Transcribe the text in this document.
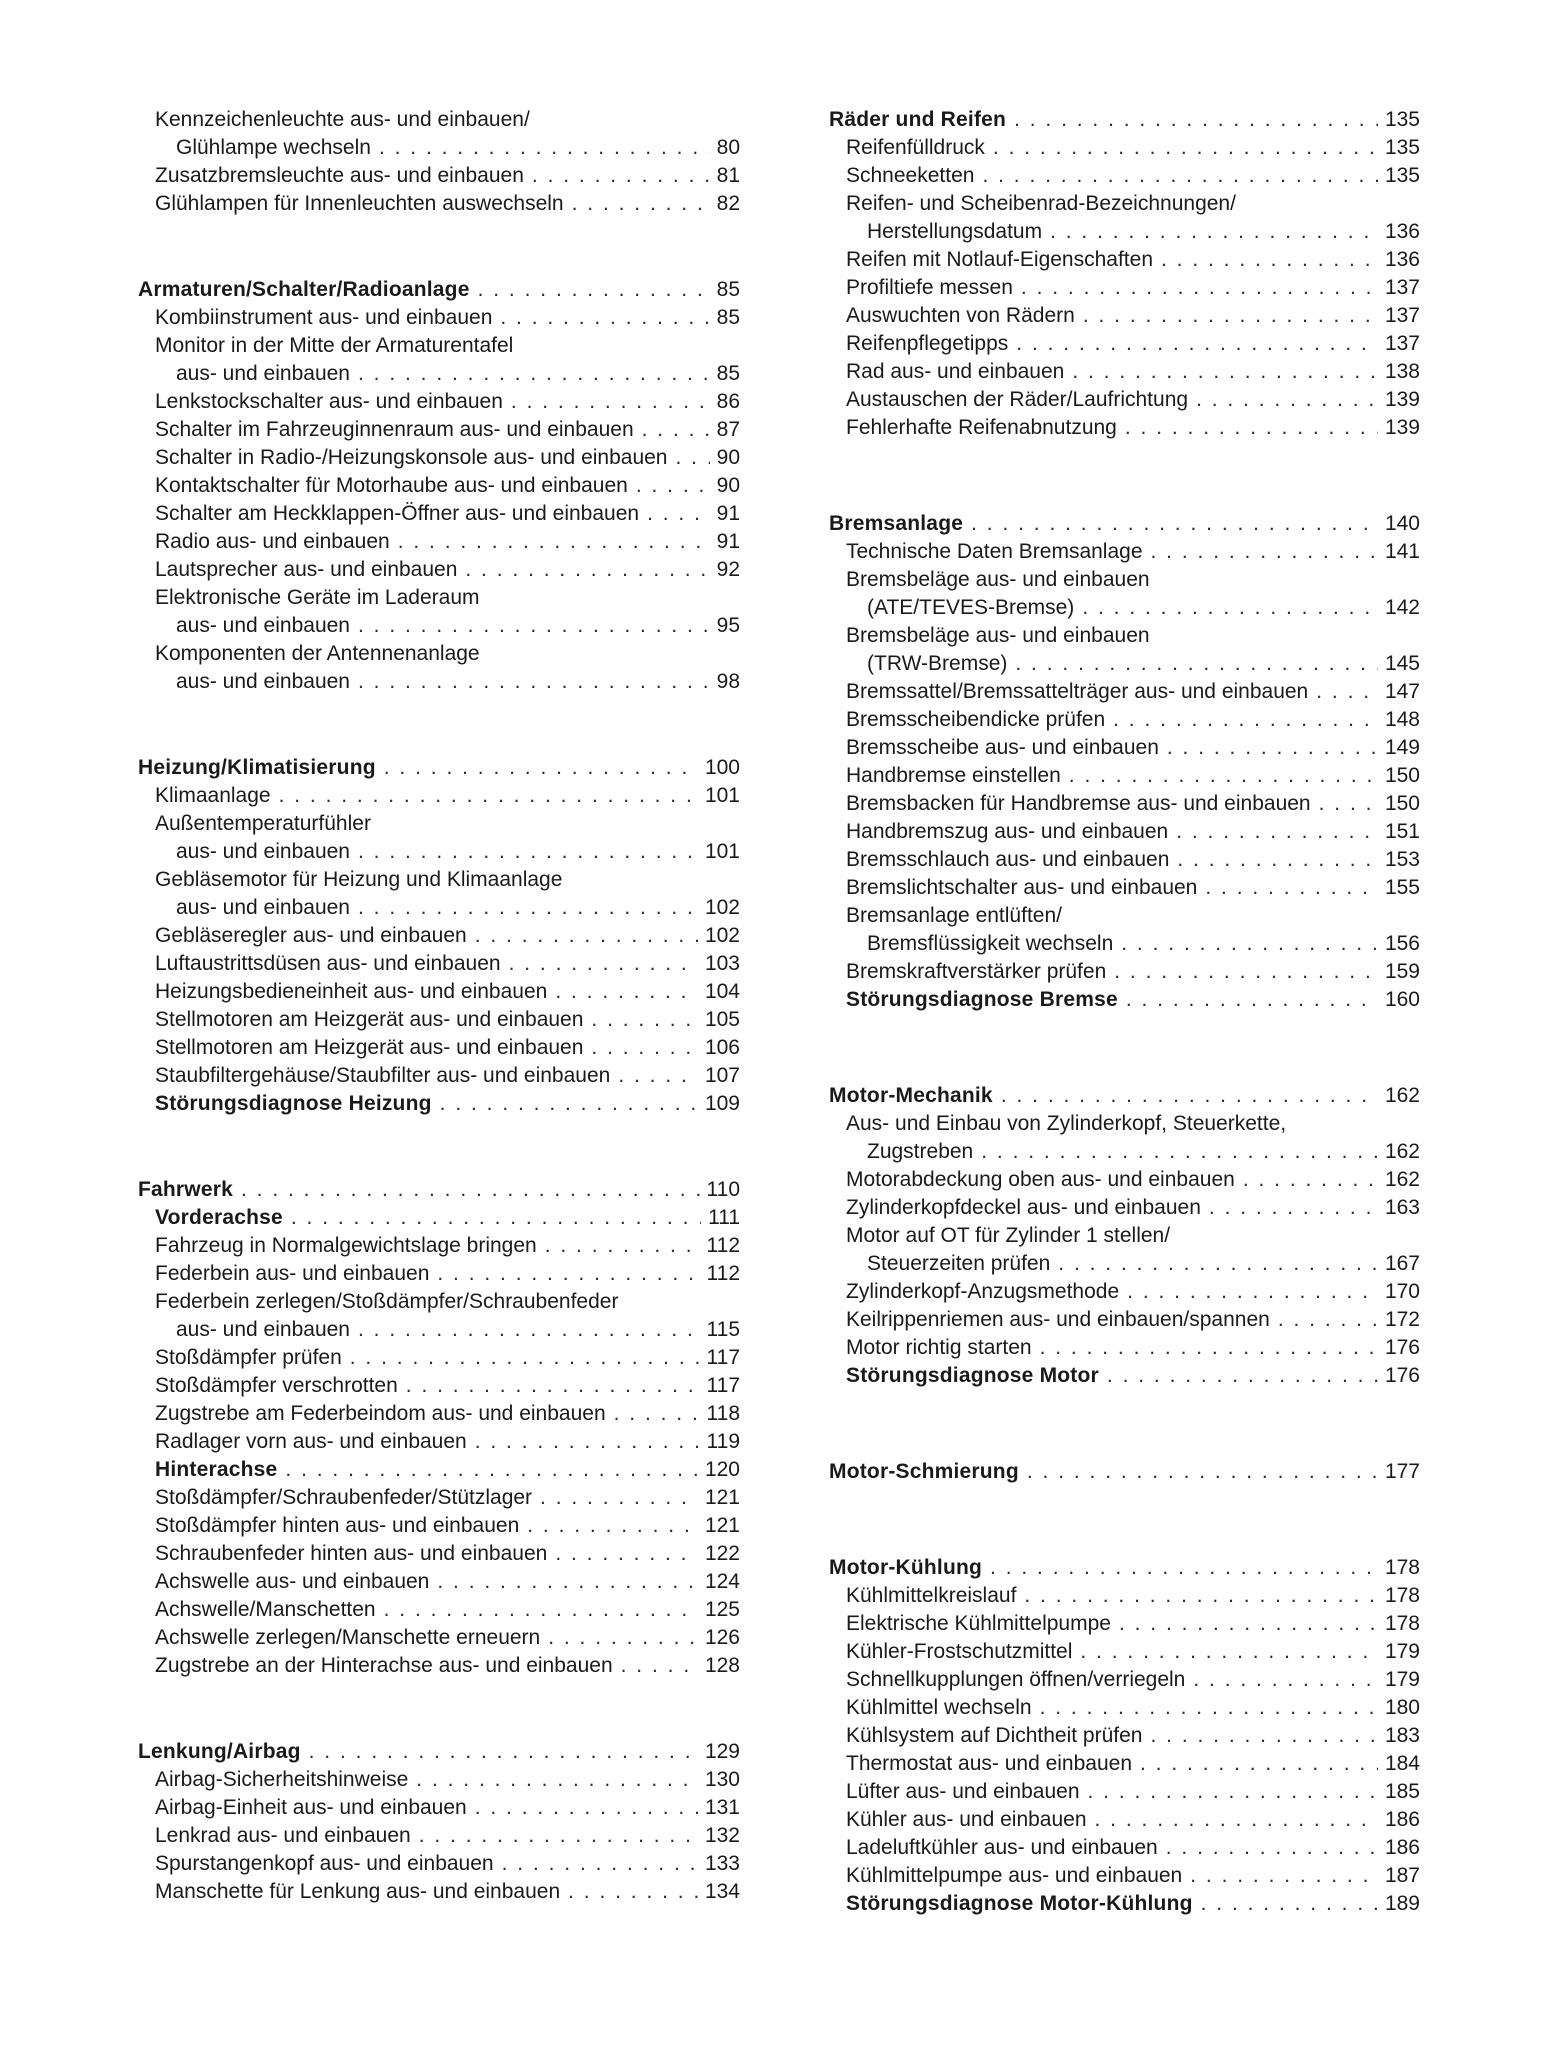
Kennzeichenleuchte aus- und einbauen/
Glühlampe wechseln . . .	80
Zusatzbremsleuchte aus- und einbauen . . .	81
Glühlampen für Innenleuchten auswechseln . . .	82
Armaturen/Schalter/Radioanlage . . .	85
Kombiinstrument aus- und einbauen . . .	85
Monitor in der Mitte der Armaturentafel
aus- und einbauen . . .	85
Lenkstockschalter aus- und einbauen . . .	86
Schalter im Fahrzeuginnenraum aus- und einbauen . . .	87
Schalter in Radio-/Heizungskonsole aus- und einbauen . . . 90
Kontaktschalter für Motorhaube aus- und einbauen . . .	90
Schalter am Heckklappen-Öffner aus- und einbauen . . .	91
Radio aus- und einbauen . . .	91
Lautsprecher aus- und einbauen . . .	92
Elektronische Geräte im Laderaum
aus- und einbauen . . .	95
Komponenten der Antennenanlage
aus- und einbauen . . .	98
Heizung/Klimatisierung . . .	100
Klimaanlage . . .	101
Außentemperaturfühler
aus- und einbauen . . .	101
Gebläsemotor für Heizung und Klimaanlage
aus- und einbauen . . .	102
Gebläseregler aus- und einbauen . . .	102
Luftaustrittsdüsen aus- und einbauen . . .	103
Heizungsbedieneinheit aus- und einbauen . . .	104
Stellmotoren am Heizgerät aus- und einbauen . . .	105
Stellmotoren am Heizgerät aus- und einbauen . . .	106
Staubfiltergehäuse/Staubfilter aus- und einbauen . . .	107
Störungsdiagnose Heizung . . .	109
Fahrwerk . . .	110
Vorderachse . . .	111
Fahrzeug in Normalgewichtslage bringen . . .	112
Federbein aus- und einbauen . . .	112
Federbein zerlegen/Stoßdämpfer/Schraubenfeder
aus- und einbauen . . .	115
Stoßdämpfer prüfen . . .	117
Stoßdämpfer verschrotten . . .	117
Zugstrebe am Federbeindom aus- und einbauen . . .	118
Radlager vorn aus- und einbauen . . .	119
Hinterachse . . .	120
Stoßdämpfer/Schraubenfeder/Stützlager . . .	121
Stoßdämpfer hinten aus- und einbauen . . .	121
Schraubenfeder hinten aus- und einbauen . . .	122
Achswelle aus- und einbauen . . .	124
Achswelle/Manschetten . . .	125
Achswelle zerlegen/Manschette erneuern . . .	126
Zugstrebe an der Hinterachse aus- und einbauen . . .	128
Lenkung/Airbag . . .	129
Airbag-Sicherheitshinweise . . .	130
Airbag-Einheit aus- und einbauen . . .	131
Lenkrad aus- und einbauen . . .	132
Spurstangenkopf aus- und einbauen . . .	133
Manschette für Lenkung aus- und einbauen . . .	134
Räder und Reifen . . .	135
Reifenfülldruck . . .	135
Schneeketten . . .	135
Reifen- und Scheibenrad-Bezeichnungen/
Herstellungsdatum . . .	136
Reifen mit Notlauf-Eigenschaften . . .	136
Profiltiefe messen . . .	137
Auswuchten von Rädern . . .	137
Reifenpflegetipps . . .	137
Rad aus- und einbauen . . .	138
Austauschen der Räder/Laufrichtung . . .	139
Fehlerhafte Reifenabnutzung . . .	139
Bremsanlage . . .	140
Technische Daten Bremsanlage . . .	141
Bremsbeläge aus- und einbauen
(ATE/TEVES-Bremse) . . .	142
Bremsbeläge aus- und einbauen
(TRW-Bremse) . . .	145
Bremssattel/Bremssattelträger aus- und einbauen . . .	147
Bremsscheibendicke prüfen . . .	148
Bremsscheibe aus- und einbauen . . .	149
Handbremse einstellen . . .	150
Bremsbacken für Handbremse aus- und einbauen . . .	150
Handbremszug aus- und einbauen . . .	151
Bremsschlauch aus- und einbauen . . .	153
Bremslichtschalter aus- und einbauen . . .	155
Bremsanlage entlüften/
Bremsflüssigkeit wechseln . . .	156
Bremskraftverstärker prüfen . . .	159
Störungsdiagnose Bremse . . .	160
Motor-Mechanik . . .	162
Aus- und Einbau von Zylinderkopf, Steuerkette,
Zugstreben . . .	162
Motorabdeckung oben aus- und einbauen . . .	162
Zylinderkopfdeckel aus- und einbauen . . .	163
Motor auf OT für Zylinder 1 stellen/
Steuerzeiten prüfen . . .	167
Zylinderkopf-Anzugsmethode . . .	170
Keilrippenriemen aus- und einbauen/spannen . . .	172
Motor richtig starten . . .	176
Störungsdiagnose Motor . . .	176
Motor-Schmierung . . .	177
Motor-Kühlung . . .	178
Kühlmittelkreislauf . . .	178
Elektrische Kühlmittelpumpe . . .	178
Kühler-Frostschutzmittel . . .	179
Schnellkupplungen öffnen/verriegeln . . .	179
Kühlmittel wechseln . . .	180
Kühlsystem auf Dichtheit prüfen . . .	183
Thermostat aus- und einbauen . . .	184
Lüfter aus- und einbauen . . .	185
Kühler aus- und einbauen . . .	186
Ladeluftkühler aus- und einbauen . . .	186
Kühlmittelpumpe aus- und einbauen . . .	187
Störungsdiagnose Motor-Kühlung . . .	189
